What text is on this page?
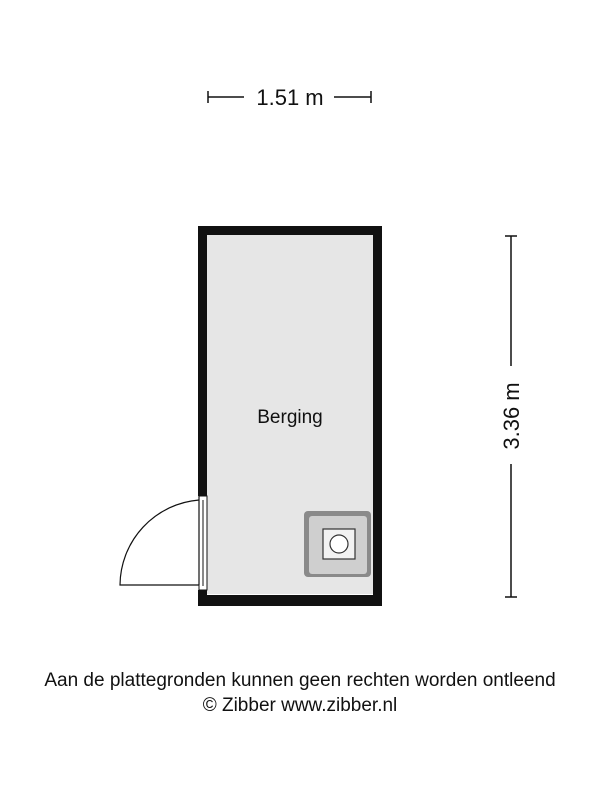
1.51 m
3.36 m
Berging
Aan de plattegronden kunnen geen rechten worden ontleend
© Zibber www.zibber.nl
